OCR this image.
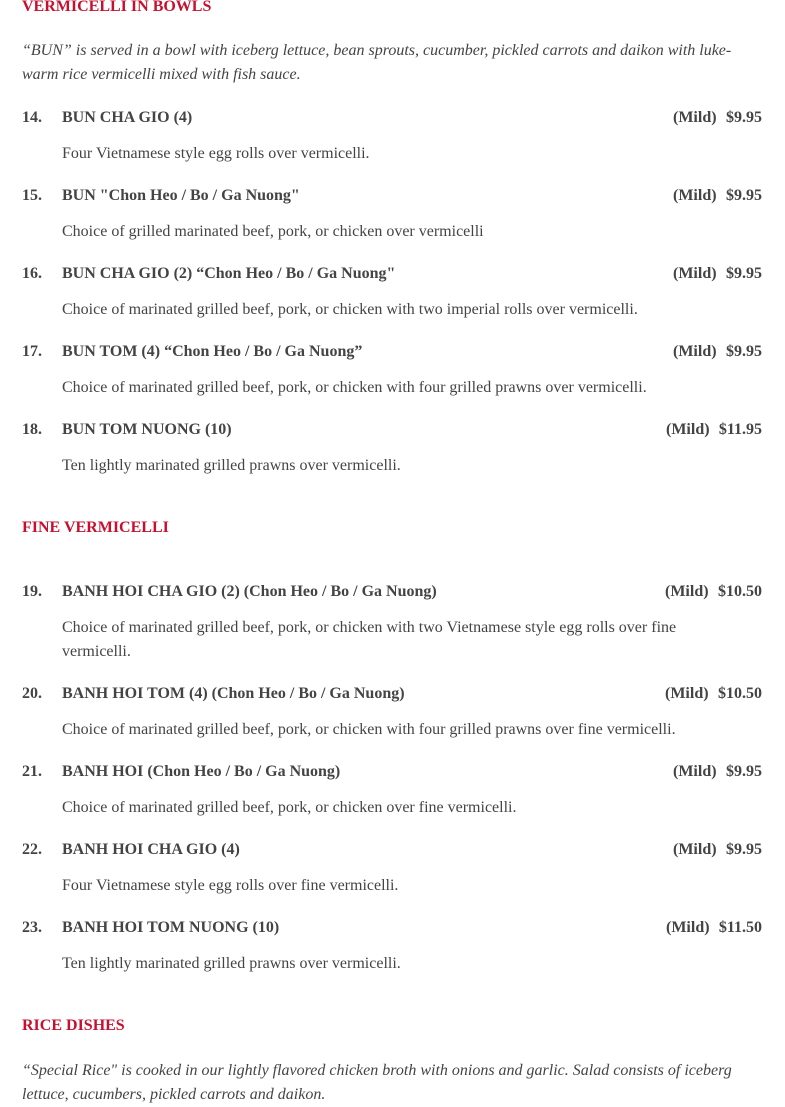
VERMICELLI IN BOWLS
“BUN” is served in a bowl with iceberg lettuce, bean sprouts, cucumber, pickled carrots and daikon with luke-warm rice vermicelli mixed with fish sauce.
14. BUN CHA GIO (4)	(Mild) $9.95
Four Vietnamese style egg rolls over vermicelli.
15. BUN "Chon Heo / Bo / Ga Nuong"	(Mild) $9.95
Choice of grilled marinated beef, pork, or chicken over vermicelli
16. BUN CHA GIO (2) “Chon Heo / Bo / Ga Nuong"	(Mild) $9.95
Choice of marinated grilled beef, pork, or chicken with two imperial rolls over vermicelli.
17. BUN TOM (4) “Chon Heo / Bo / Ga Nuong”	(Mild) $9.95
Choice of marinated grilled beef, pork, or chicken with four grilled prawns over vermicelli.
18. BUN TOM NUONG (10)	(Mild) $11.95
Ten lightly marinated grilled prawns over vermicelli.
FINE VERMICELLI
19. BANH HOI CHA GIO (2) (Chon Heo / Bo / Ga Nuong)	(Mild) $10.50
Choice of marinated grilled beef, pork, or chicken with two Vietnamese style egg rolls over fine vermicelli.
20. BANH HOI TOM (4) (Chon Heo / Bo / Ga Nuong)	(Mild) $10.50
Choice of marinated grilled beef, pork, or chicken with four grilled prawns over fine vermicelli.
21. BANH HOI (Chon Heo / Bo / Ga Nuong)	(Mild) $9.95
Choice of marinated grilled beef, pork, or chicken over fine vermicelli.
22. BANH HOI CHA GIO (4)	(Mild) $9.95
Four Vietnamese style egg rolls over fine vermicelli.
23. BANH HOI TOM NUONG (10)	(Mild) $11.50
Ten lightly marinated grilled prawns over vermicelli.
RICE DISHES
“Special Rice" is cooked in our lightly flavored chicken broth with onions and garlic. Salad consists of iceberg lettuce, cucumbers, pickled carrots and daikon.
